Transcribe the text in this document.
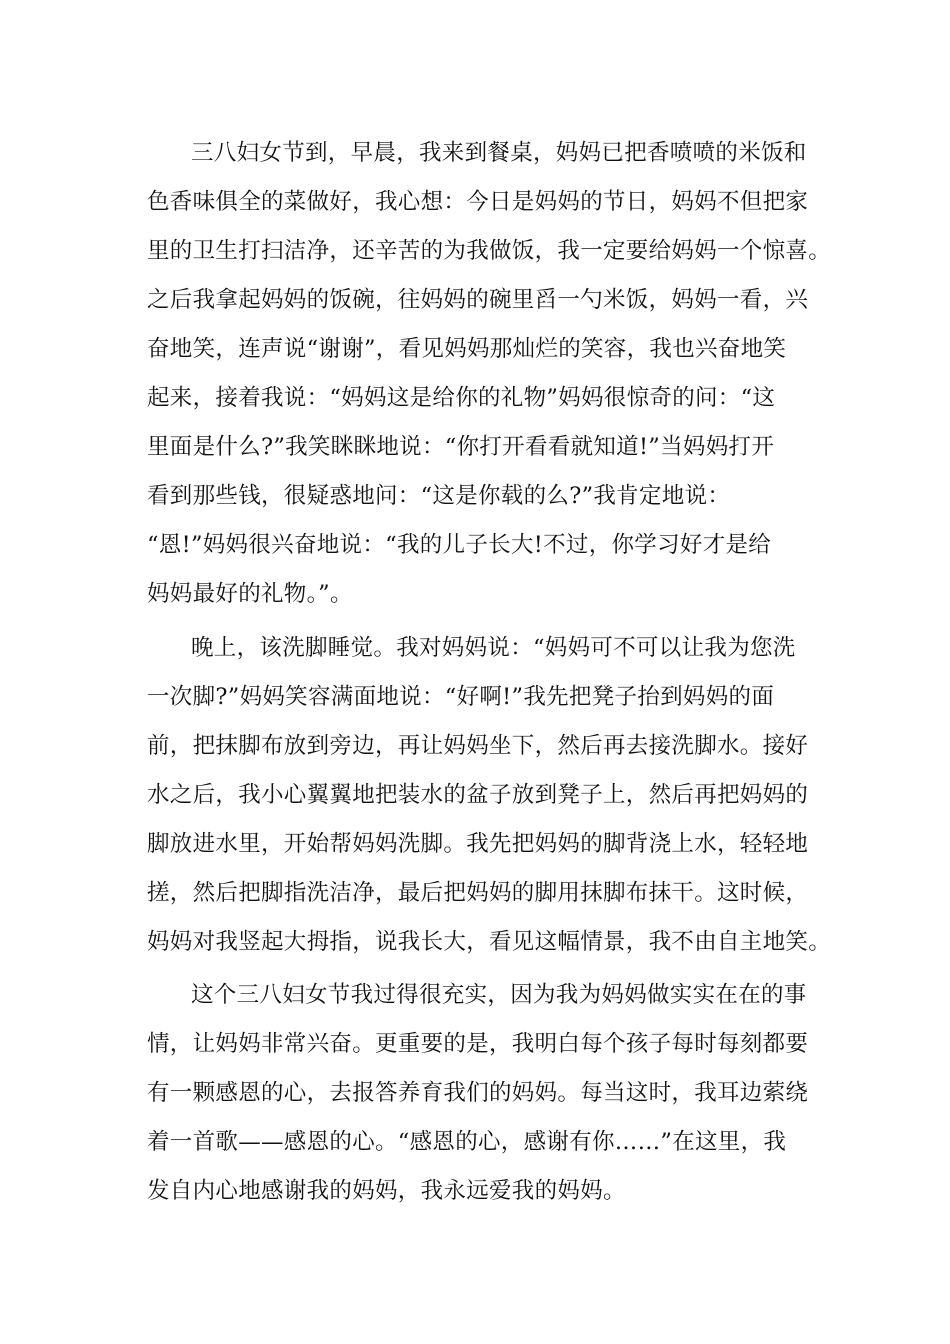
三八妇女节到，早晨，我来到餐桌，妈妈已把香喷喷的米饭和
色香味俱全的菜做好，我心想：今日是妈妈的节日，妈妈不但把家
里的卫生打扫洁净，还辛苦的为我做饭，我一定要给妈妈一个惊喜。
之后我拿起妈妈的饭碗，往妈妈的碗里舀一勺米饭，妈妈一看，兴
奋地笑，连声说“谢谢”，看见妈妈那灿烂的笑容，我也兴奋地笑
起来，接着我说：“妈妈这是给你的礼物”妈妈很惊奇的问：“这
里面是什么?”我笑眯眯地说：“你打开看看就知道!”当妈妈打开
看到那些钱，很疑惑地问：“这是你载的么?”我肯定地说：
“恩!”妈妈很兴奋地说：“我的儿子长大!不过，你学习好才是给
妈妈最好的礼物。”。
晚上，该洗脚睡觉。我对妈妈说：“妈妈可不可以让我为您洗
一次脚?”妈妈笑容满面地说：“好啊!”我先把凳子抬到妈妈的面
前，把抹脚布放到旁边，再让妈妈坐下，然后再去接洗脚水。接好
水之后，我小心翼翼地把装水的盆子放到凳子上，然后再把妈妈的
脚放进水里，开始帮妈妈洗脚。我先把妈妈的脚背浇上水，轻轻地
搓，然后把脚指洗洁净，最后把妈妈的脚用抹脚布抹干。这时候，
妈妈对我竖起大拇指，说我长大，看见这幅情景，我不由自主地笑。
这个三八妇女节我过得很充实，因为我为妈妈做实实在在的事
情，让妈妈非常兴奋。更重要的是，我明白每个孩子每时每刻都要
有一颗感恩的心，去报答养育我们的妈妈。每当这时，我耳边萦绕
着一首歌——感恩的心。“感恩的心，感谢有你……”在这里，我
发自内心地感谢我的妈妈，我永远爱我的妈妈。
